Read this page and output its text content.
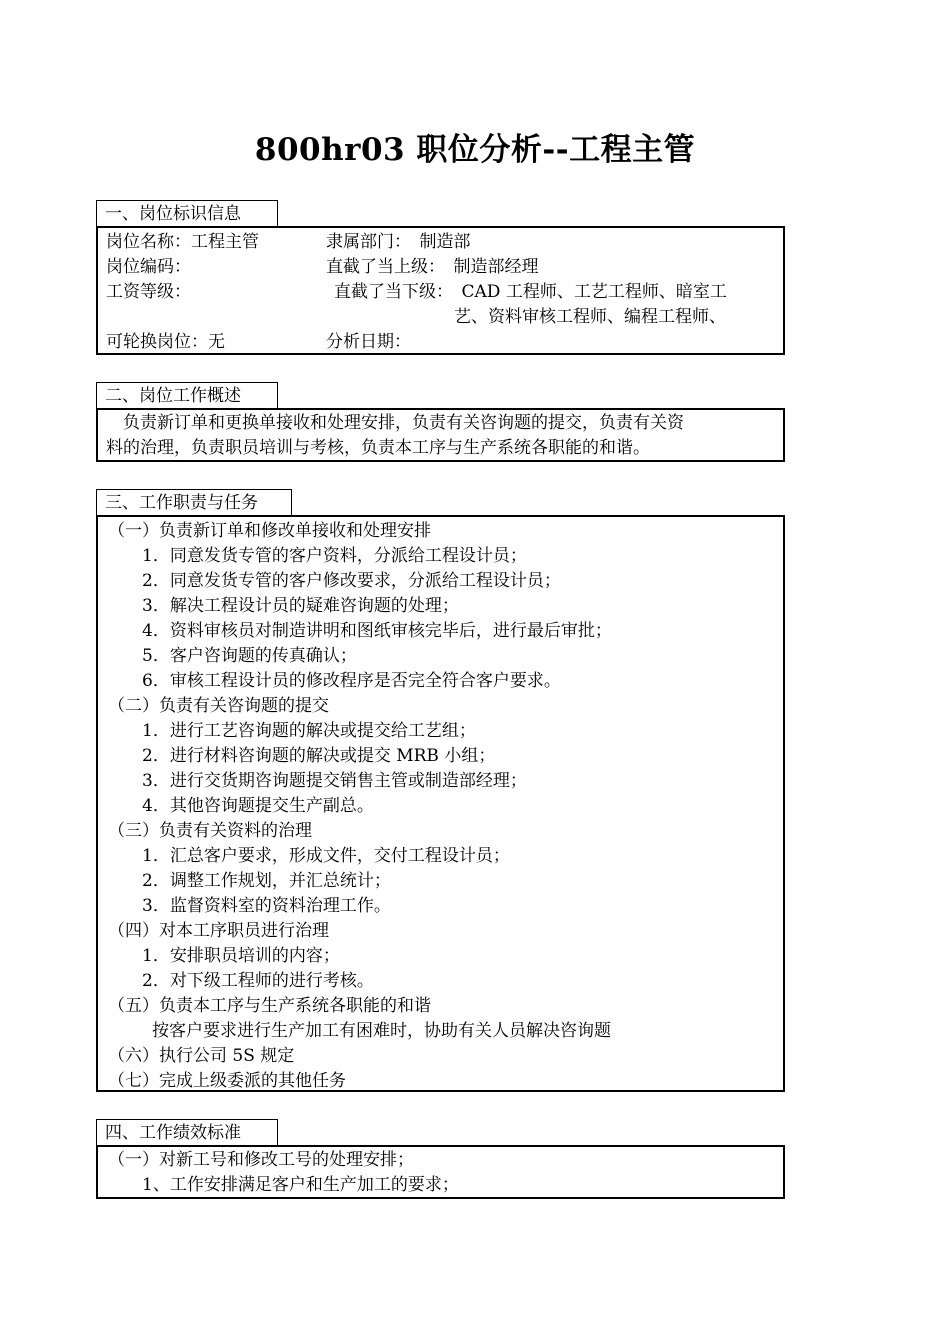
800hr03 职位分析--工程主管
一、岗位标识信息
岗位名称：工程主管	隶属部门：　制造部
岗位编码：	直截了当上级：　制造部经理
工资等级：	直截了当下级：　CAD 工程师、工艺工程师、暗室工
艺、资料审核工程师、编程工程师、
可轮换岗位：无	分析日期：
二、岗位工作概述
　负责新订单和更换单接收和处理安排，负责有关咨询题的提交，负责有关资
料的治理，负责职员培训与考核，负责本工序与生产系统各职能的和谐。
三、工作职责与任务
（一）负责新订单和修改单接收和处理安排
1．同意发货专管的客户资料，分派给工程设计员；
2．同意发货专管的客户修改要求，分派给工程设计员；
3．解决工程设计员的疑难咨询题的处理；
4．资料审核员对制造讲明和图纸审核完毕后，进行最后审批；
5．客户咨询题的传真确认；
6．审核工程设计员的修改程序是否完全符合客户要求。
（二）负责有关咨询题的提交
1．进行工艺咨询题的解决或提交给工艺组；
2．进行材料咨询题的解决或提交 MRB 小组；
3．进行交货期咨询题提交销售主管或制造部经理；
4．其他咨询题提交生产副总。
（三）负责有关资料的治理
1．汇总客户要求，形成文件，交付工程设计员；
2．调整工作规划，并汇总统计；
3．监督资料室的资料治理工作。
（四）对本工序职员进行治理
1．安排职员培训的内容；
2．对下级工程师的进行考核。
（五）负责本工序与生产系统各职能的和谐
按客户要求进行生产加工有困难时，协助有关人员解决咨询题
（六）执行公司 5S 规定
（七）完成上级委派的其他任务
四、工作绩效标准
（一）对新工号和修改工号的处理安排；
1、工作安排满足客户和生产加工的要求；
